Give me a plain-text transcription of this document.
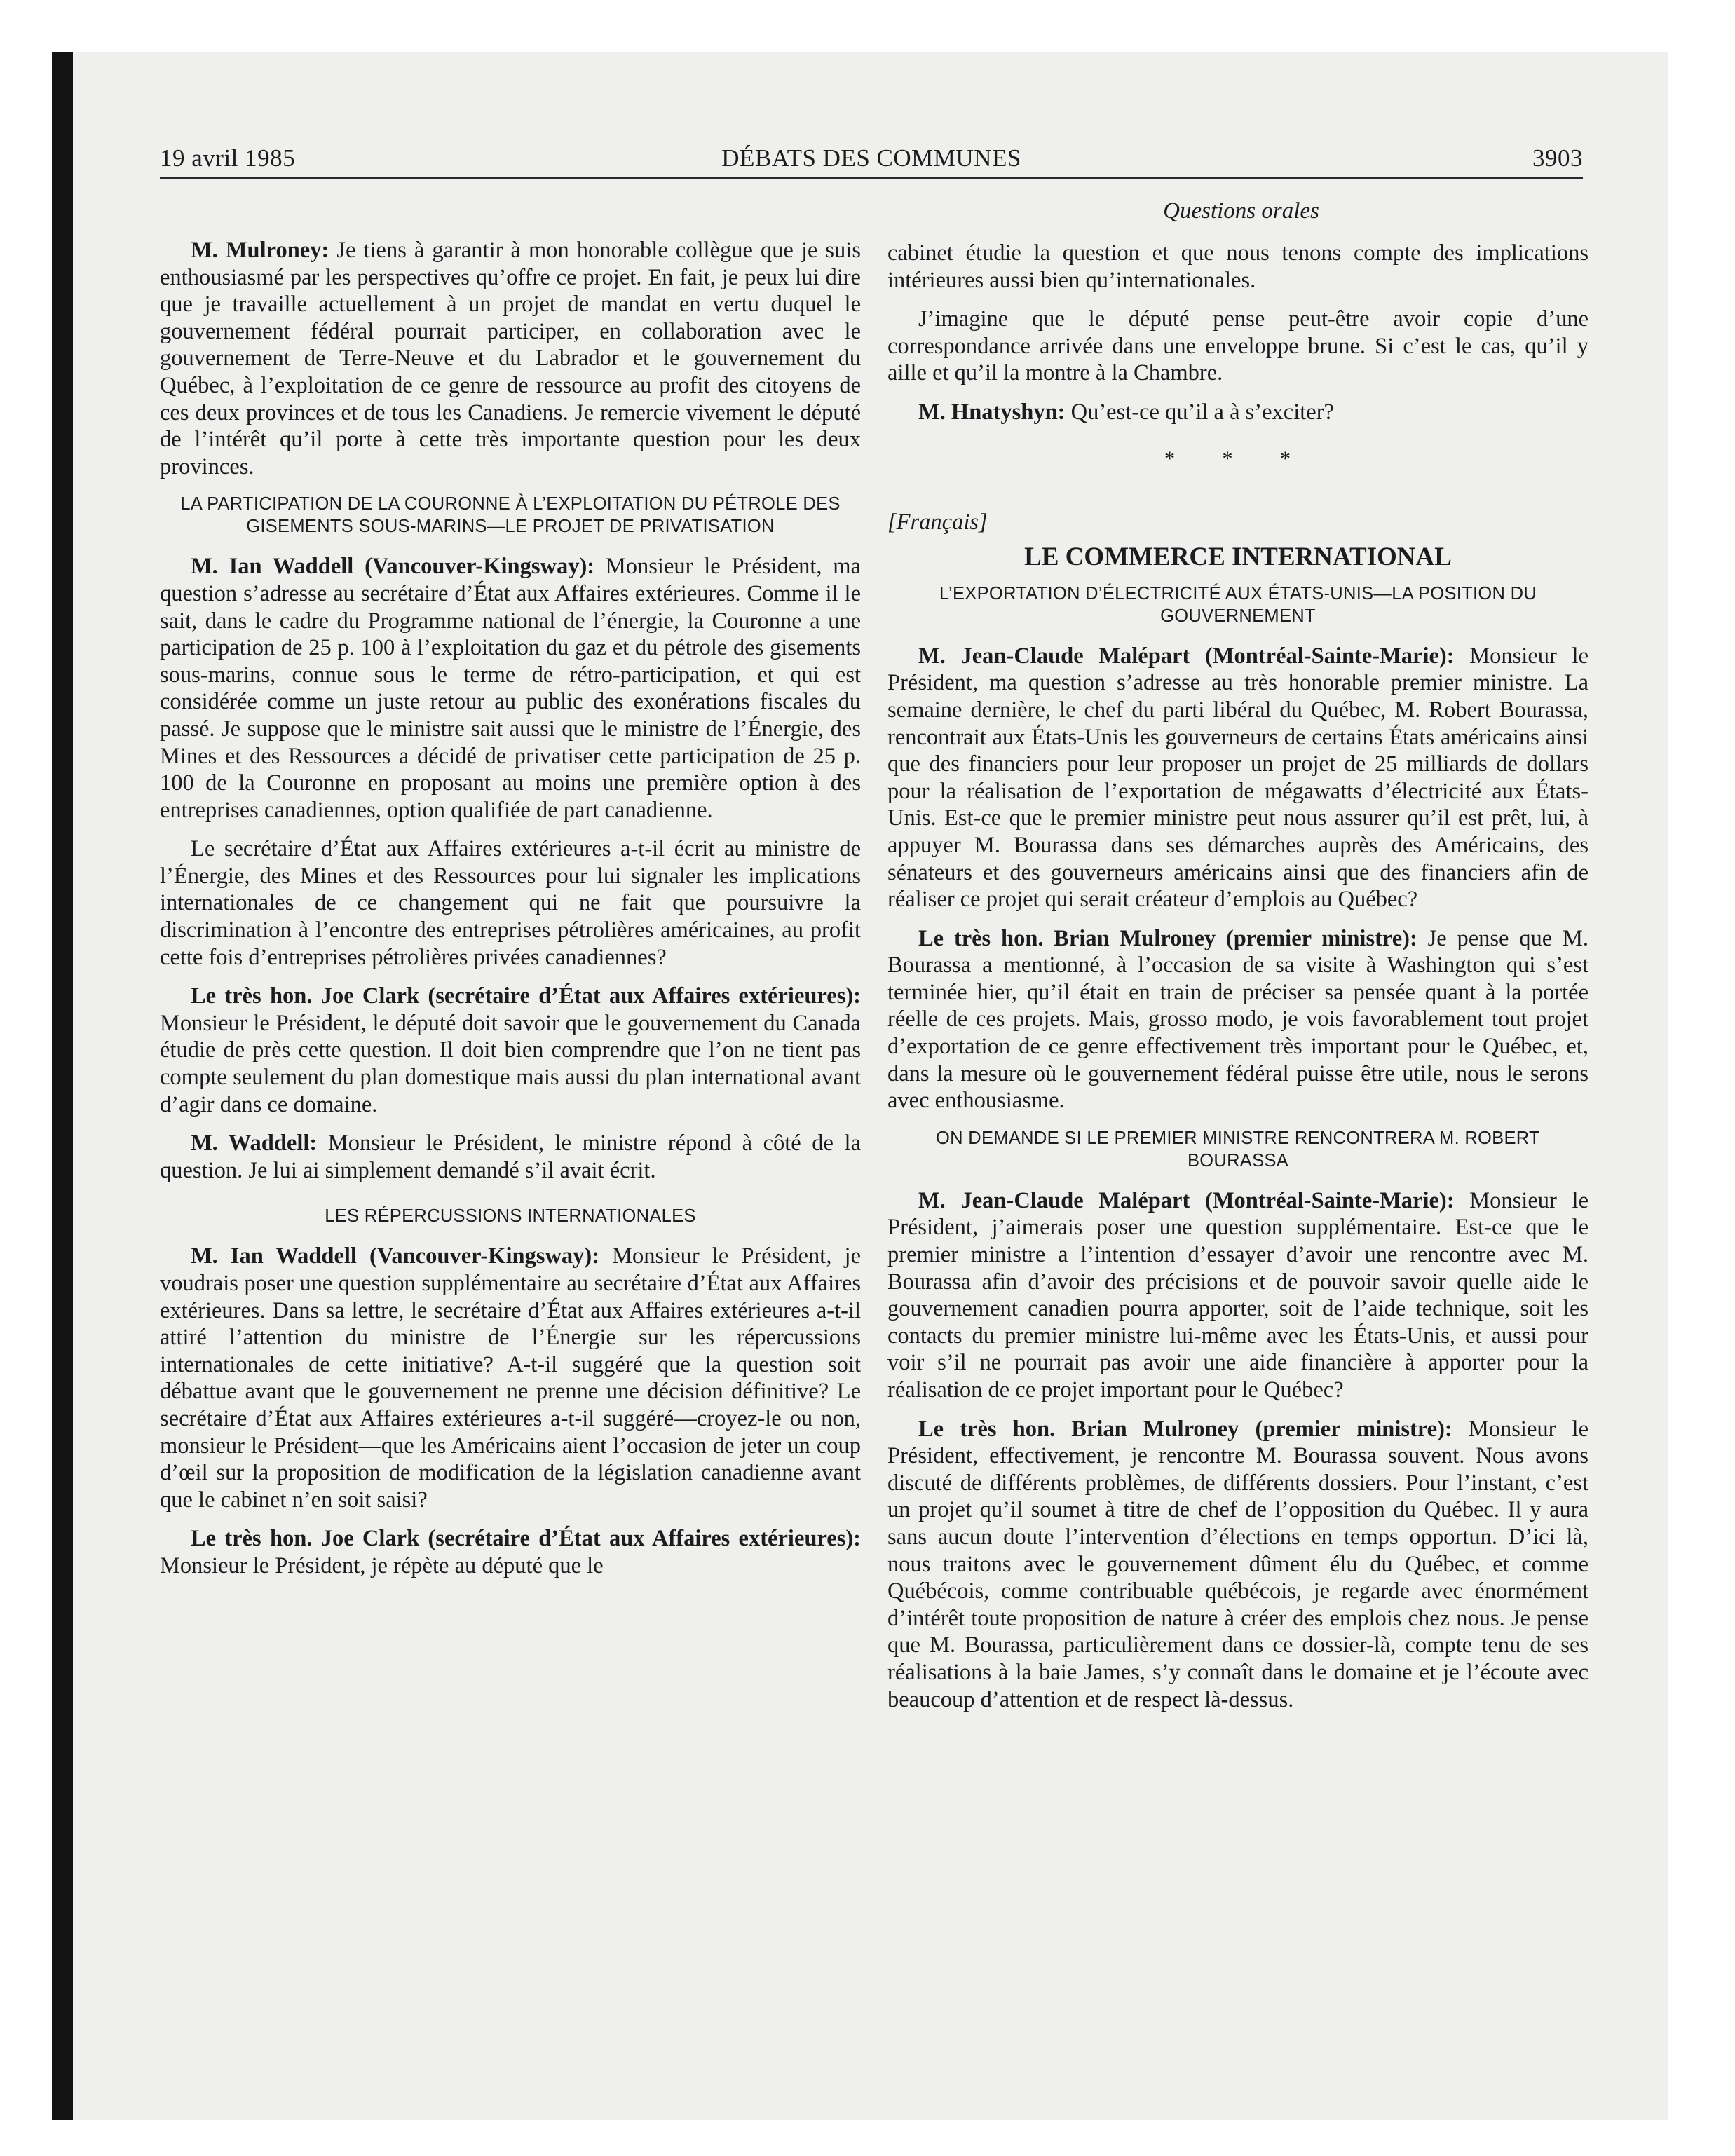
19 avril 1985	DÉBATS DES COMMUNES	3903
Questions orales

M. Mulroney: Je tiens à garantir à mon honorable collègue que je suis enthousiasmé par les perspectives qu’offre ce projet. En fait, je peux lui dire que je travaille actuellement à un projet de mandat en vertu duquel le gouvernement fédéral pourrait participer, en collaboration avec le gouvernement de Terre-Neuve et du Labrador et le gouvernement du Québec, à l’exploitation de ce genre de ressource au profit des citoyens de ces deux provinces et de tous les Canadiens. Je remercie vivement le député de l’intérêt qu’il porte à cette très importante question pour les deux provinces.

LA PARTICIPATION DE LA COURONNE À L’EXPLOITATION DU PÉTROLE DES GISEMENTS SOUS-MARINS—LE PROJET DE PRIVATISATION

M. Ian Waddell (Vancouver-Kingsway): Monsieur le Président, ma question s’adresse au secrétaire d’État aux Affaires extérieures. Comme il le sait, dans le cadre du Programme national de l’énergie, la Couronne a une participation de 25 p. 100 à l’exploitation du gaz et du pétrole des gisements sous-marins, connue sous le terme de rétro-participation, et qui est considérée comme un juste retour au public des exonérations fiscales du passé. Je suppose que le ministre sait aussi que le ministre de l’Énergie, des Mines et des Ressources a décidé de privatiser cette participation de 25 p. 100 de la Couronne en proposant au moins une première option à des entreprises canadiennes, option qualifiée de part canadienne.

Le secrétaire d’État aux Affaires extérieures a-t-il écrit au ministre de l’Énergie, des Mines et des Ressources pour lui signaler les implications internationales de ce changement qui ne fait que poursuivre la discrimination à l’encontre des entreprises pétrolières américaines, au profit cette fois d’entreprises pétrolières privées canadiennes?

Le très hon. Joe Clark (secrétaire d’État aux Affaires extérieures): Monsieur le Président, le député doit savoir que le gouvernement du Canada étudie de près cette question. Il doit bien comprendre que l’on ne tient pas compte seulement du plan domestique mais aussi du plan international avant d’agir dans ce domaine.

M. Waddell: Monsieur le Président, le ministre répond à côté de la question. Je lui ai simplement demandé s’il avait écrit.

LES RÉPERCUSSIONS INTERNATIONALES

M. Ian Waddell (Vancouver-Kingsway): Monsieur le Président, je voudrais poser une question supplémentaire au secrétaire d’État aux Affaires extérieures. Dans sa lettre, le secrétaire d’État aux Affaires extérieures a-t-il attiré l’attention du ministre de l’Énergie sur les répercussions internationales de cette initiative? A-t-il suggéré que la question soit débattue avant que le gouvernement ne prenne une décision définitive? Le secrétaire d’État aux Affaires extérieures a-t-il suggéré—croyez-le ou non, monsieur le Président—que les Américains aient l’occasion de jeter un coup d’œil sur la proposition de modification de la législation canadienne avant que le cabinet n’en soit saisi?

Le très hon. Joe Clark (secrétaire d’État aux Affaires extérieures): Monsieur le Président, je répète au député que le

cabinet étudie la question et que nous tenons compte des implications intérieures aussi bien qu’internationales.

J’imagine que le député pense peut-être avoir copie d’une correspondance arrivée dans une enveloppe brune. Si c’est le cas, qu’il y aille et qu’il la montre à la Chambre.

M. Hnatyshyn: Qu’est-ce qu’il a à s’exciter?

* * *
[Français]
LE COMMERCE INTERNATIONAL
L’EXPORTATION D’ÉLECTRICITÉ AUX ÉTATS-UNIS—LA POSITION DU GOUVERNEMENT

M. Jean-Claude Malépart (Montréal-Sainte-Marie): Monsieur le Président, ma question s’adresse au très honorable premier ministre. La semaine dernière, le chef du parti libéral du Québec, M. Robert Bourassa, rencontrait aux États-Unis les gouverneurs de certains États américains ainsi que des financiers pour leur proposer un projet de 25 milliards de dollars pour la réalisation de l’exportation de mégawatts d’électricité aux États-Unis. Est-ce que le premier ministre peut nous assurer qu’il est prêt, lui, à appuyer M. Bourassa dans ses démarches auprès des Américains, des sénateurs et des gouverneurs américains ainsi que des financiers afin de réaliser ce projet qui serait créateur d’emplois au Québec?

Le très hon. Brian Mulroney (premier ministre): Je pense que M. Bourassa a mentionné, à l’occasion de sa visite à Washington qui s’est terminée hier, qu’il était en train de préciser sa pensée quant à la portée réelle de ces projets. Mais, grosso modo, je vois favorablement tout projet d’exportation de ce genre effectivement très important pour le Québec, et, dans la mesure où le gouvernement fédéral puisse être utile, nous le serons avec enthousiasme.

ON DEMANDE SI LE PREMIER MINISTRE RENCONTRERA M. ROBERT BOURASSA

M. Jean-Claude Malépart (Montréal-Sainte-Marie): Monsieur le Président, j’aimerais poser une question supplémentaire. Est-ce que le premier ministre a l’intention d’essayer d’avoir une rencontre avec M. Bourassa afin d’avoir des précisions et de pouvoir savoir quelle aide le gouvernement canadien pourra apporter, soit de l’aide technique, soit les contacts du premier ministre lui-même avec les États-Unis, et aussi pour voir s’il ne pourrait pas avoir une aide financière à apporter pour la réalisation de ce projet important pour le Québec?

Le très hon. Brian Mulroney (premier ministre): Monsieur le Président, effectivement, je rencontre M. Bourassa souvent. Nous avons discuté de différents problèmes, de différents dossiers. Pour l’instant, c’est un projet qu’il soumet à titre de chef de l’opposition du Québec. Il y aura sans aucun doute l’intervention d’élections en temps opportun. D’ici là, nous traitons avec le gouvernement dûment élu du Québec, et comme Québécois, comme contribuable québécois, je regarde avec énormément d’intérêt toute proposition de nature à créer des emplois chez nous. Je pense que M. Bourassa, particulièrement dans ce dossier-là, compte tenu de ses réalisations à la baie James, s’y connaît dans le domaine et je l’écoute avec beaucoup d’attention et de respect là-dessus.
